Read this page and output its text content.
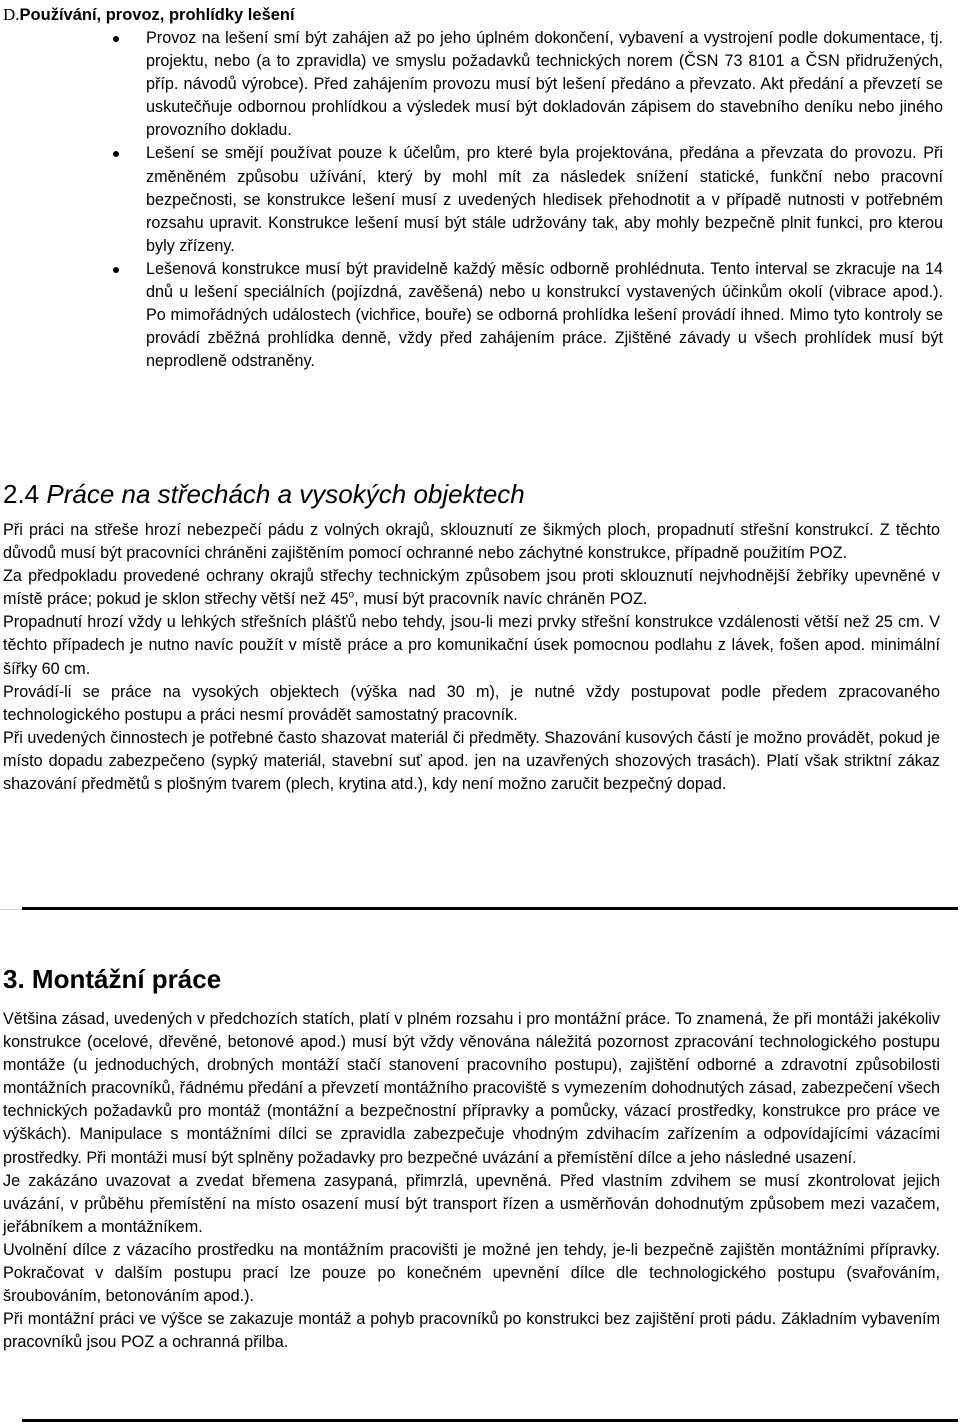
D.Používání, provoz, prohlídky lešení

Provoz na lešení smí být zahájen až po jeho úplném dokončení, vybavení a vystrojení podle dokumentace, tj. projektu, nebo (a to zpravidla) ve smyslu požadavků technických norem (ČSN 73 8101 a ČSN přidružených, příp. návodů výrobce). Před zahájením provozu musí být lešení předáno a převzato. Akt předání a převzetí se uskutečňuje odbornou prohlídkou a výsledek musí být dokladován zápisem do stavebního deníku nebo jiného provozního dokladu.

Lešení se smějí používat pouze k účelům, pro které byla projektována, předána a převzata do provozu. Při změněném způsobu užívání, který by mohl mít za následek snížení statické, funkční nebo pracovní bezpečnosti, se konstrukce lešení musí z uvedených hledisek přehodnotit a v případě nutnosti v potřebném rozsahu upravit. Konstrukce lešení musí být stále udržovány tak, aby mohly bezpečně plnit funkci, pro kterou byly zřízeny.

Lešenová konstrukce musí být pravidelně každý měsíc odborně prohlédnuta. Tento interval se zkracuje na 14 dnů u lešení speciálních (pojízdná, zavěšená) nebo u konstrukcí vystavených účinkům okolí (vibrace apod.). Po mimořádných událostech (vichřice, bouře) se odborná prohlídka lešení provádí ihned. Mimo tyto kontroly se provádí zběžná prohlídka denně, vždy před zahájením práce. Zjištěné závady u všech prohlídek musí být neprodleně odstraněny.

2.4 Práce na střechách a vysokých objektech

Při práci na střeše hrozí nebezpečí pádu z volných okrajů, sklouznutí ze šikmých ploch, propadnutí střešní konstrukcí. Z těchto důvodů musí být pracovníci chráněni zajištěním pomocí ochranné nebo záchytné konstrukce, případně použitím POZ.

Za předpokladu provedené ochrany okrajů střechy technickým způsobem jsou proti sklouznutí nejvhodnější žebříky upevněné v místě práce; pokud je sklon střechy větší než 45$^o$, musí být pracovník navíc chráněn POZ.

Propadnutí hrozí vždy u lehkých střešních plášťů nebo tehdy, jsou-li mezi prvky střešní konstrukce vzdálenosti větší než 25 cm. V těchto případech je nutno navíc použít v místě práce a pro komunikační úsek pomocnou podlahu z lávek, fošen apod. minimální šířky 60 cm.

Provádí-li se práce na vysokých objektech (výška nad 30 m), je nutné vždy postupovat podle předem zpracovaného technologického postupu a práci nesmí provádět samostatný pracovník.

Při uvedených činnostech je potřebné často shazovat materiál či předměty. Shazování kusových částí je možno provádět, pokud je místo dopadu zabezpečeno (sypký materiál, stavební suť apod. jen na uzavřených shozových trasách). Platí však striktní zákaz shazování předmětů s plošným tvarem (plech, krytina atd.), kdy není možno zaručit bezpečný dopad.

3. Montážní práce

Většina zásad, uvedených v předchozích statích, platí v plném rozsahu i pro montážní práce. To znamená, že při montáži jakékoliv konstrukce (ocelové, dřevěné, betonové apod.) musí být vždy věnována náležitá pozornost zpracování technologického postupu montáže (u jednoduchých, drobných montáží stačí stanovení pracovního postupu), zajištění odborné a zdravotní způsobilosti montážních pracovníků, řádnému předání a převzetí montážního pracoviště s vymezením dohodnutých zásad, zabezpečení všech technických požadavků pro montáž (montážní a bezpečnostní přípravky a pomůcky, vázací prostředky, konstrukce pro práce ve výškách). Manipulace s montážními dílci se zpravidla zabezpečuje vhodným zdvihacím zařízením a odpovídajícími vázacími prostředky. Při montáži musí být splněny požadavky pro bezpečné uvázání a přemístění dílce a jeho následné usazení.

Je zakázáno uvazovat a zvedat břemena zasypaná, přimrzlá, upevněná. Před vlastním zdvihem se musí zkontrolovat jejich uvázání, v průběhu přemístění na místo osazení musí být transport řízen a usměrňován dohodnutým způsobem mezi vazačem, jeřábníkem a montážníkem.

Uvolnění dílce z vázacího prostředku na montážním pracovišti je možné jen tehdy, je-li bezpečně zajištěn montážními přípravky. Pokračovat v dalším postupu prací lze pouze po konečném upevnění dílce dle technologického postupu (svařováním, šroubováním, betonováním apod.).

Při montážní práci ve výšce se zakazuje montáž a pohyb pracovníků po konstrukci bez zajištění proti pádu. Základním vybavením pracovníků jsou POZ a ochranná přilba.
